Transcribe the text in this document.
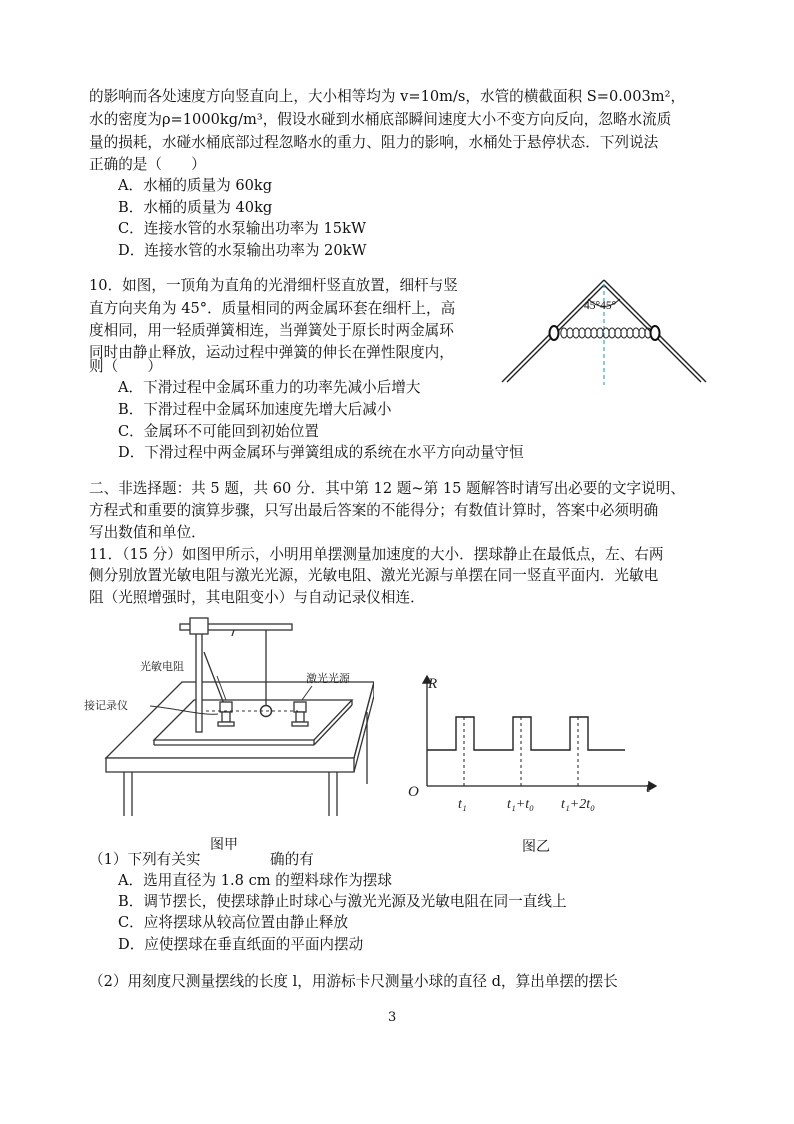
的影响而各处速度方向竖直向上，大小相等均为 v=10m/s，水管的横截面积 S=0.003m²，
水的密度为ρ=1000kg/m³，假设水碰到水桶底部瞬间速度大小不变方向反向，忽略水流质
量的损耗，水碰水桶底部过程忽略水的重力、阻力的影响，水桶处于悬停状态．下列说法
正确的是（　　）
A．水桶的质量为 60kg
B．水桶的质量为 40kg
C．连接水管的水泵输出功率为 15kW
D．连接水管的水泵输出功率为 20kW
10．如图，一顶角为直角的光滑细杆竖直放置，细杆与竖
直方向夹角为 45°．质量相同的两金属环套在细杆上，高
度相同，用一轻质弹簧相连，当弹簧处于原长时两金属环
同时由静止释放，运动过程中弹簧的伸长在弹性限度内，
则（　　）
A．下滑过程中金属环重力的功率先减小后增大
B．下滑过程中金属环加速度先增大后减小
C．金属环不可能回到初始位置
D．下滑过程中两金属环与弹簧组成的系统在水平方向动量守恒
45°45°
二、非选择题：共 5 题，共 60 分．其中第 12 题~第 15 题解答时请写出必要的文字说明、
方程式和重要的演算步骤，只写出最后答案的不能得分；有数值计算时，答案中必须明确
写出数值和单位．
11．（15 分）如图甲所示，小明用单摆测量加速度的大小．摆球静止在最低点，左、右两
侧分别放置光敏电阻与激光光源，光敏电阻、激光光源与单摆在同一竖直平面内．光敏电
阻（光照增强时，其电阻变小）与自动记录仪相连．
光敏电阻
激光光源
接记录仪
R
t
O
t₁	t₁+t₀ t₁+2t₀
图甲	图乙
（1）下列有关实	确的有
A．选用直径为 1.8 cm 的塑料球作为摆球
B．调节摆长，使摆球静止时球心与激光光源及光敏电阻在同一直线上
C．应将摆球从较高位置由静止释放
D．应使摆球在垂直纸面的平面内摆动
（2）用刻度尺测量摆线的长度 l，用游标卡尺测量小球的直径 d，算出单摆的摆长
3
